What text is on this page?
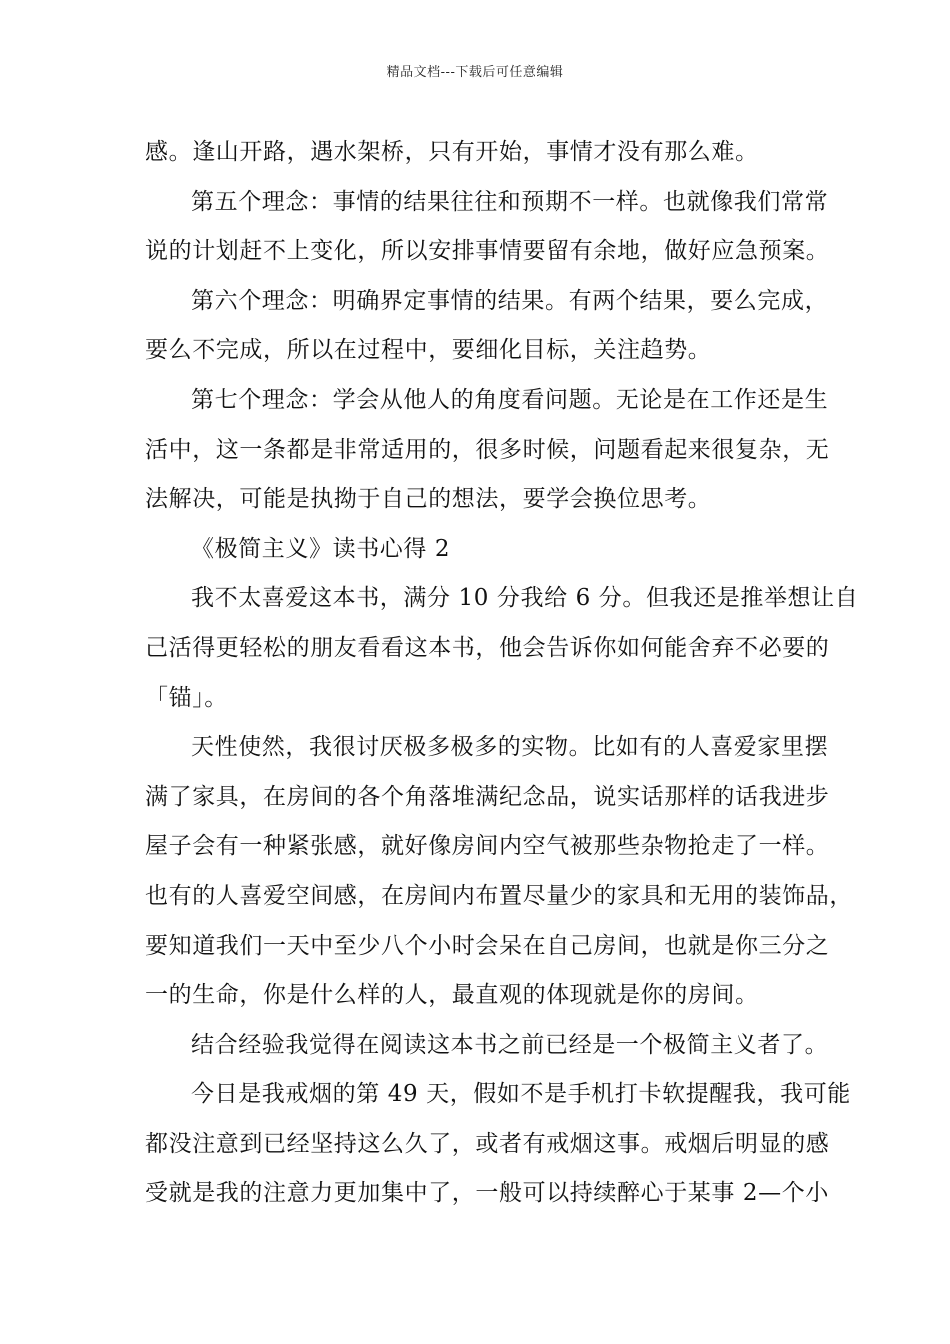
精品文档---下载后可任意编辑
感。逢山开路，遇水架桥，只有开始，事情才没有那么难。
第五个理念：事情的结果往往和预期不一样。也就像我们常常
说的计划赶不上变化，所以安排事情要留有余地，做好应急预案。
第六个理念：明确界定事情的结果。有两个结果，要么完成，
要么不完成，所以在过程中，要细化目标，关注趋势。
第七个理念：学会从他人的角度看问题。无论是在工作还是生
活中，这一条都是非常适用的，很多时候，问题看起来很复杂，无
法解决，可能是执拗于自己的想法，要学会换位思考。
《极简主义》读书心得 2
我不太喜爱这本书，满分 10 分我给 6 分。但我还是推举想让自
己活得更轻松的朋友看看这本书，他会告诉你如何能舍弃不必要的
「锚」。
天性使然，我很讨厌极多极多的实物。比如有的人喜爱家里摆
满了家具，在房间的各个角落堆满纪念品，说实话那样的话我进步
屋子会有一种紧张感，就好像房间内空气被那些杂物抢走了一样。
也有的人喜爱空间感，在房间内布置尽量少的家具和无用的装饰品，
要知道我们一天中至少八个小时会呆在自己房间，也就是你三分之
一的生命，你是什么样的人，最直观的体现就是你的房间。
结合经验我觉得在阅读这本书之前已经是一个极简主义者了。
今日是我戒烟的第 49 天，假如不是手机打卡软提醒我，我可能
都没注意到已经坚持这么久了，或者有戒烟这事。戒烟后明显的感
受就是我的注意力更加集中了，一般可以持续醉心于某事 2—个小
